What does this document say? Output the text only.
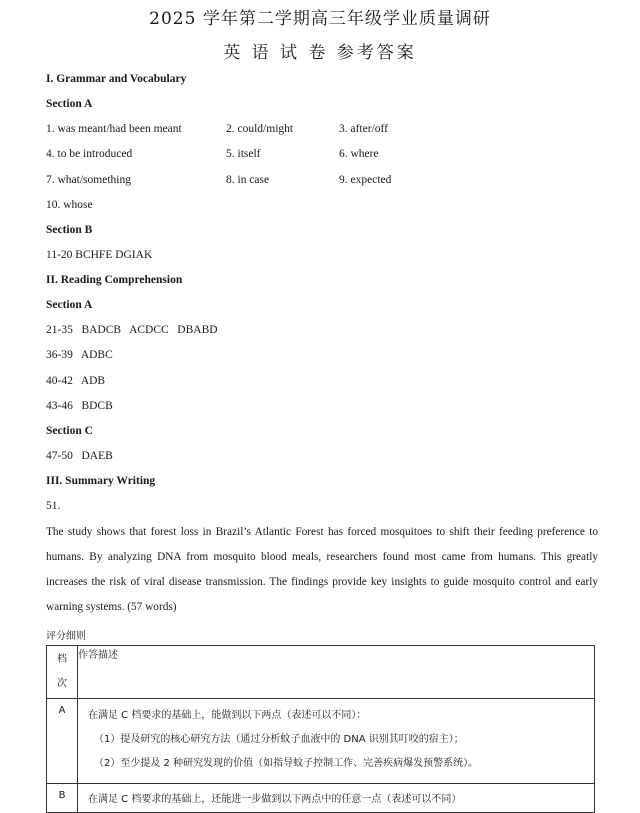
2025 学年第二学期高三年级学业质量调研
英 语 试 卷 参考答案
I. Grammar and Vocabulary
Section A
1. was meant/had been meant	2. could/might	3. after/off
4. to be introduced	5. itself	6. where
7. what/something	8. in case	9. expected
10. whose
Section B
11-20 BCHFE DGIAK
II. Reading Comprehension
Section A
21-35   BADCB   ACDCC   DBABD
36-39   ADBC
40-42   ADB
43-46   BDCB
Section C
47-50   DAEB
III. Summary Writing
51.
The study shows that forest loss in Brazil’s Atlantic Forest has forced mosquitoes to shift their feeding preference to humans. By analyzing DNA from mosquito blood meals, researchers found most came from humans. This greatly increases the risk of viral disease transmission. The findings provide key insights to guide mosquito control and early warning systems. (57 words)
评分细则
档
次	作答描述
A	在满足 C 档要求的基础上，能做到以下两点（表述可以不同）：
（1）提及研究的核心研究方法（通过分析蚊子血液中的 DNA 识别其叮咬的宿主）；
（2）至少提及 2 种研究发现的价值（如指导蚊子控制工作、完善疾病爆发预警系统）。

B	在满足 C 档要求的基础上，还能进一步做到以下两点中的任意一点（表述可以不同）
